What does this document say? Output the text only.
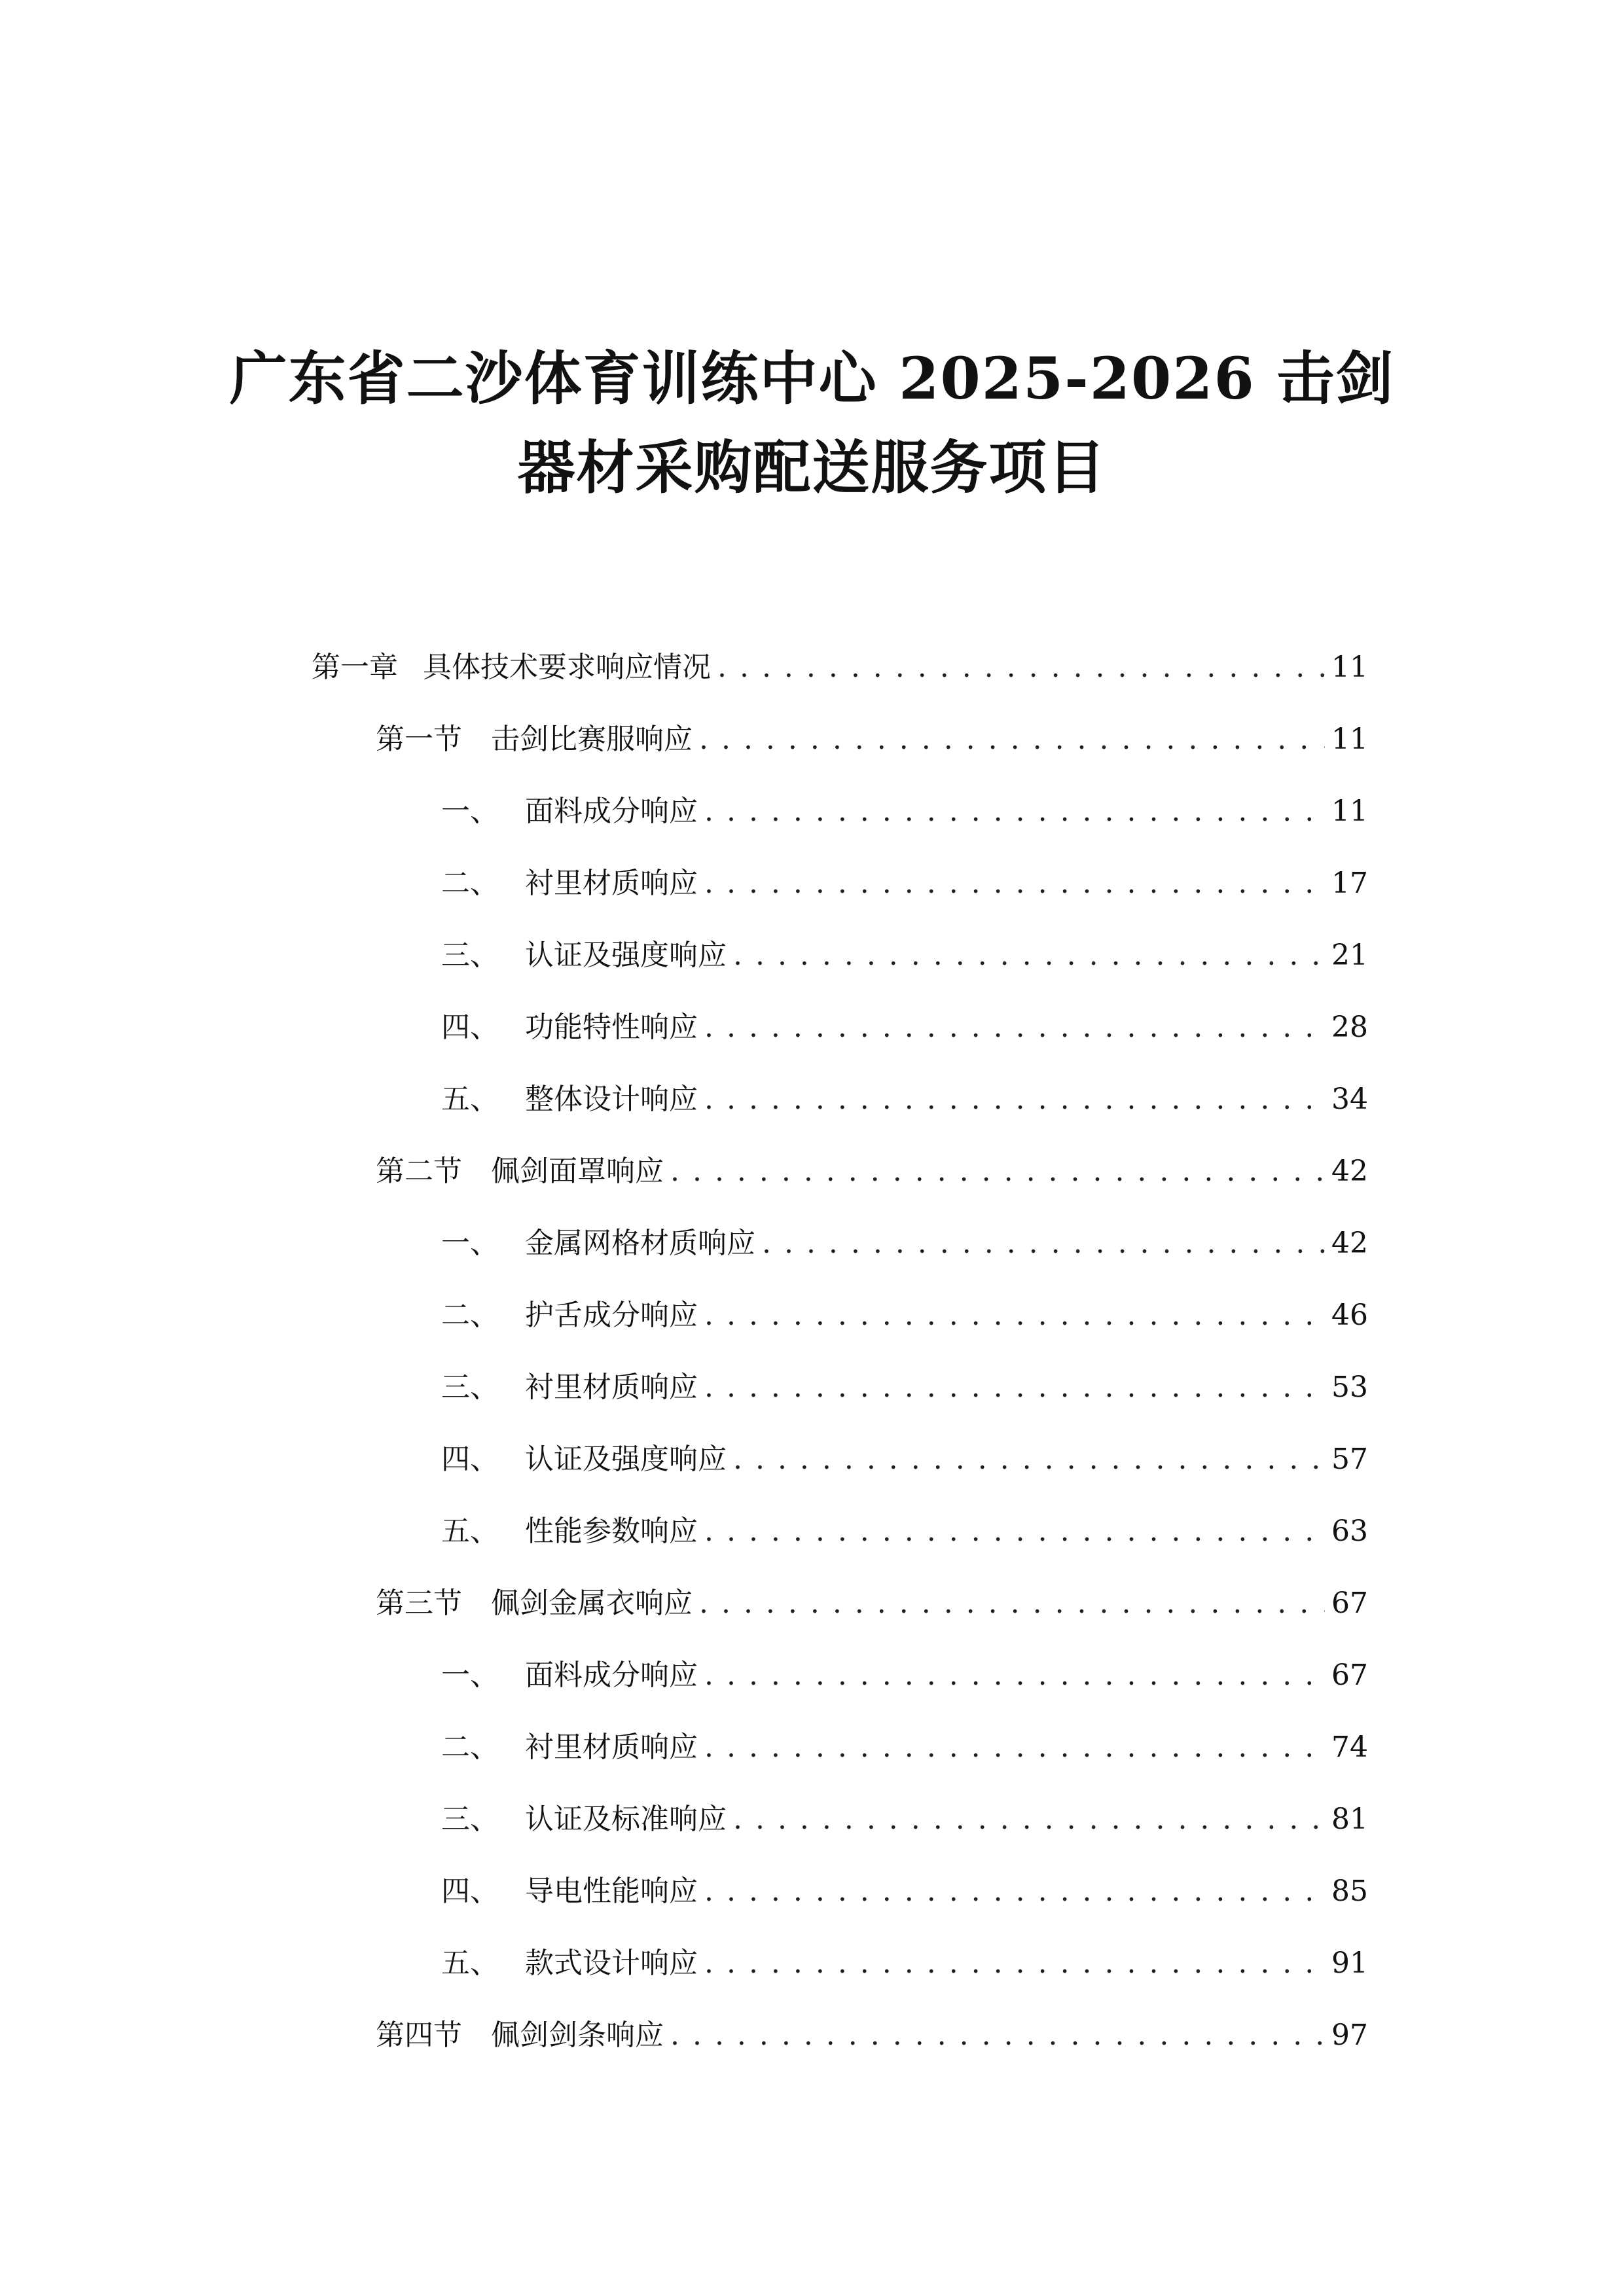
广东省二沙体育训练中心 2025-2026 击剑
器材采购配送服务项目
第一章 具体技术要求响应情况 . . .	11
第一节	击剑比赛服响应 . . .	11
一、 面料成分响应 . . .	11
二、 衬里材质响应 . . .	17
三、 认证及强度响应 . . .	21
四、 功能特性响应 . . .	28
五、 整体设计响应 . . .	34
第二节	佩剑面罩响应 . . .	42
一、 金属网格材质响应 . . .	42
二、 护舌成分响应 . . .	46
三、 衬里材质响应 . . .	53
四、 认证及强度响应 . . .	57
五、 性能参数响应 . . .	63
第三节	佩剑金属衣响应 . . .	67
一、 面料成分响应 . . .	67
二、 衬里材质响应 . . .	74
三、 认证及标准响应 . . .	81
四、 导电性能响应 . . .	85
五、 款式设计响应 . . .	91
第四节	佩剑剑条响应 . . .	97
